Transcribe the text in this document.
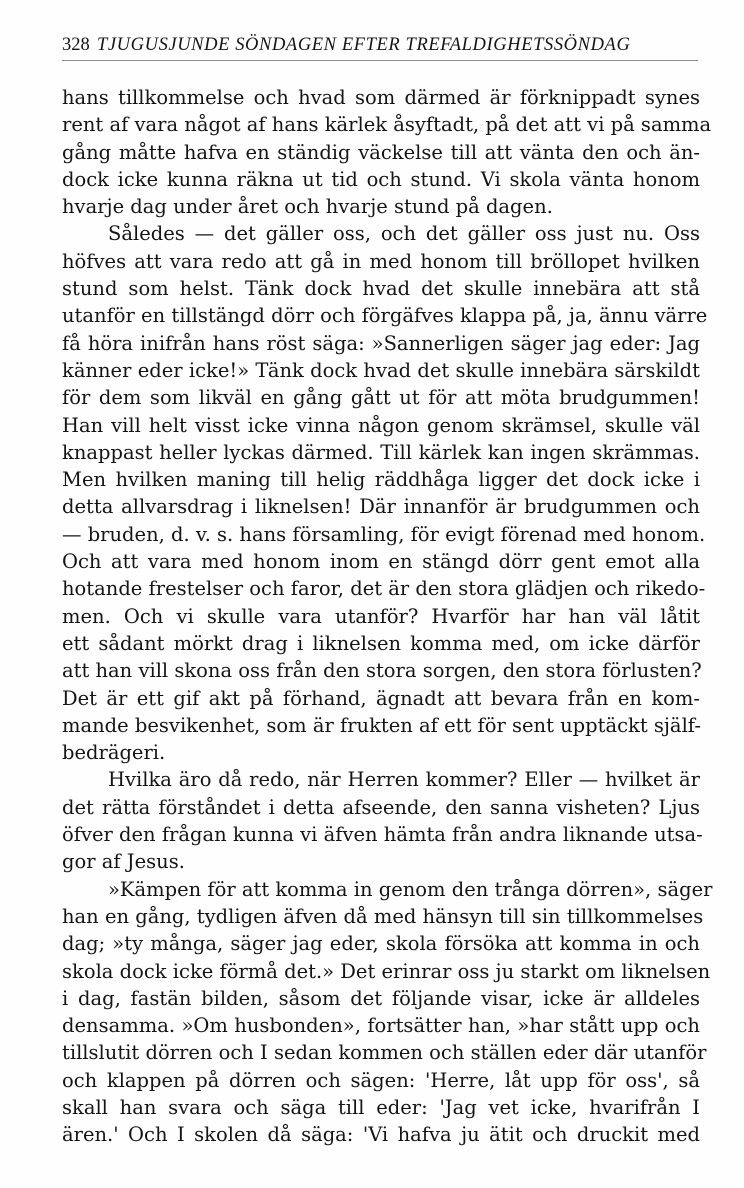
328 TJUGUSJUNDE SÖNDAGEN EFTER TREFALDIGHETSSÖNDAG
hans tillkommelse och hvad som därmed är förknippadt synes
rent af vara något af hans kärlek åsyftadt, på det att vi på samma
gång måtte hafva en ständig väckelse till att vänta den och än-
dock icke kunna räkna ut tid och stund. Vi skola vänta honom
hvarje dag under året och hvarje stund på dagen.
Således — det gäller oss, och det gäller oss just nu. Oss
höfves att vara redo att gå in med honom till bröllopet hvilken
stund som helst. Tänk dock hvad det skulle innebära att stå
utanför en tillstängd dörr och förgäfves klappa på, ja, ännu värre
få höra inifrån hans röst säga: »Sannerligen säger jag eder: Jag
känner eder icke!» Tänk dock hvad det skulle innebära särskildt
för dem som likväl en gång gått ut för att möta brudgummen!
Han vill helt visst icke vinna någon genom skrämsel, skulle väl
knappast heller lyckas därmed. Till kärlek kan ingen skrämmas.
Men hvilken maning till helig räddhåga ligger det dock icke i
detta allvarsdrag i liknelsen! Där innanför är brudgummen och
— bruden, d. v. s. hans församling, för evigt förenad med honom.
Och att vara med honom inom en stängd dörr gent emot alla
hotande frestelser och faror, det är den stora glädjen och rikedo-
men. Och vi skulle vara utanför? Hvarför har han väl låtit
ett sådant mörkt drag i liknelsen komma med, om icke därför
att han vill skona oss från den stora sorgen, den stora förlusten?
Det är ett gif akt på förhand, ägnadt att bevara från en kom-
mande besvikenhet, som är frukten af ett för sent upptäckt själf-
bedrägeri.
Hvilka äro då redo, när Herren kommer? Eller — hvilket är
det rätta förståndet i detta afseende, den sanna visheten? Ljus
öfver den frågan kunna vi äfven hämta från andra liknande utsa-
gor af Jesus.
»Kämpen för att komma in genom den trånga dörren», säger
han en gång, tydligen äfven då med hänsyn till sin tillkommelses
dag; »ty många, säger jag eder, skola försöka att komma in och
skola dock icke förmå det.» Det erinrar oss ju starkt om liknelsen
i dag, fastän bilden, såsom det följande visar, icke är alldeles
densamma. »Om husbonden», fortsätter han, »har stått upp och
tillslutit dörren och I sedan kommen och ställen eder där utanför
och klappen på dörren och sägen: 'Herre, låt upp för oss', så
skall han svara och säga till eder: 'Jag vet icke, hvarifrån I
ären.' Och I skolen då säga: 'Vi hafva ju ätit och druckit med
